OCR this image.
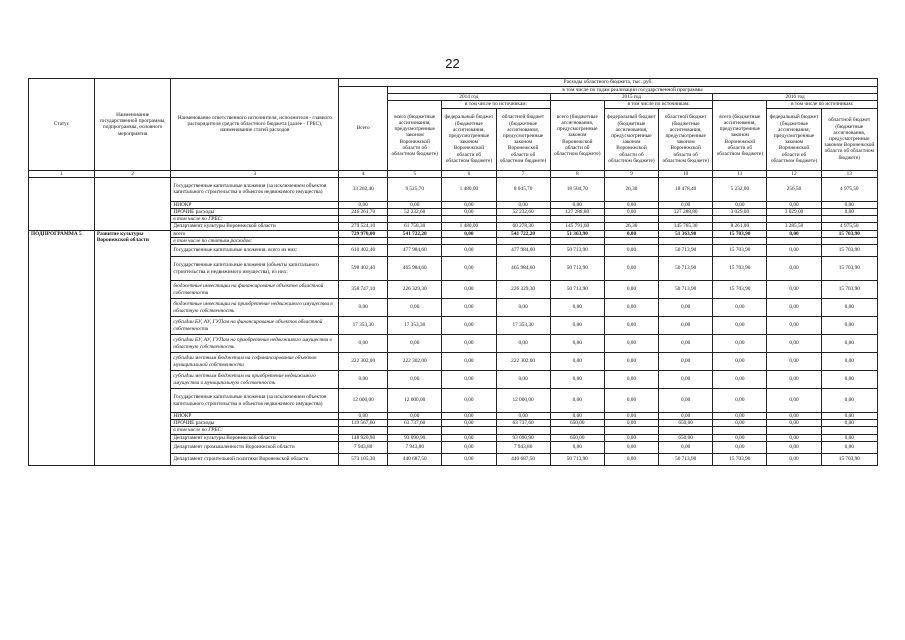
22
Статус	Наименование государственной программы, подпрограммы, основного мероприятия	Наименование ответственного исполнителя, исполнителя - главного распорядителя средств областного бюджета (далее - ГРБС), наименование статей расходов	Расходы областного бюджета, тыс. руб.									
			Всего	в том числе по годам реализации государственной программы								
				2014 год			2015 год			2016 год		
				всего (бюджетные ассигнования, предусмотренные законом Воронежской области об областном бюджете)	в том числе по источникам:		всего (бюджетные ассигнования, предусмотренные законом Воронежской области об областном бюджете)	в том числе по источникам:		всего (бюджетные ассигнования, предусмотренные законом Воронежской области об областном бюджете)	в том числе по источникам:	
					федеральный бюджет (бюджетные ассигнования, предусмотренные законом Воронежской области об областном бюджете)	областной бюджет (бюджетные ассигнования, предусмотренные законом Воронежской области об областном бюджете)		федеральный бюджет (бюджетные ассигнования, предусмотренные законом Воронежской области об областном бюджете)	областной бюджет (бюджетные ассигнования, предусмотренные законом Воронежской области об областном бюджете)		федеральный бюджет (бюджетные ассигнования, предусмотренные законом Воронежской области об областном бюджете)	областной бюджет (бюджетные ассигнования, предусмотренные законом Воронежской области об областном бюджете)
1	2	3	4	5	6	7	8	9	10	11	12	13
		Государственные капитальные вложения (за исключением объектов капитального строительства и объектов недвижимого имущества)	33 262,40	9 525,70	1 480,00	8 045,70	18 504,70	26,30	18 478,40	5 232,00	256,50	4 975,50
		НИОКР	0,00	0,00	0,00	0,00	0,00	0,00	0,00	0,00	0,00	0,00
		ПРОЧИЕ расходы	246 261,70	52 232,60	0,00	52 232,60	127 288,80	0,00	127 288,80	3 029,00	3 029,00	0,00
		в том числе по ГРБС:										
		Департамент культуры Воронежской области	279 524,10	61 758,30	1 480,00	60 278,30	145 791,60	26,30	145 765,30	8 261,00	3 285,50	4 975,50
ПОДПРОГРАММА 5	Развитие культуры Воронежской области	всего	729 970,00	541 722,20	0,00	541 722,20	51 363,90	0,00	51 363,90	15 703,90	0,00	15 703,90
		в том числе по статьям расходов:										
		Государственные капитальные вложения, всего из них:	610 402,40	477 984,60	0,00	477 984,60	50 713,90	0,00	50 713,90	15 703,90	0,00	15 703,90
		Государственные капитальные вложения (объекты капитального строительства и недвижимого имущества), из них:	598 402,40	465 984,60	0,00	465 984,60	50 713,90	0,00	50 713,90	15 703,90	0,00	15 703,90
		бюджетные инвестиции на финансирование объектов областной собственности	358 747,10	226 329,30	0,00	226 329,30	50 713,90	0,00	50 713,90	15 703,90	0,00	15 703,90
		бюджетные инвестиции на приобретение недвижимого имущества в областную собственность	0,00	0,00	0,00	0,00	0,00	0,00	0,00	0,00	0,00	0,00
		субсидии БУ, АУ, ГУПам на финансирование объектов областной собственности	17 353,30	17 353,30	0,00	17 353,30	0,00	0,00	0,00	0,00	0,00	0,00
		субсидии БУ, АУ, ГУПам на приобретение недвижимого имущества в областную собственность	0,00	0,00	0,00	0,00	0,00	0,00	0,00	0,00	0,00	0,00
		субсидии местным бюджетам на софинансирование объектов муниципальной собственности	222 302,00	222 302,00	0,00	222 302,00	0,00	0,00	0,00	0,00	0,00	0,00
		субсидии местным бюджетам на приобретение недвижимого имущества в муниципальную собственность	0,00	0,00	0,00	0,00	0,00	0,00	0,00	0,00	0,00	0,00
		Государственные капитальные вложения (за исключением объектов капитального строительства и объектов недвижимого имущества)	12 000,00	12 000,00	0,00	12 000,00	0,00	0,00	0,00	0,00	0,00	0,00
		НИОКР	0,00	0,00	0,00	0,00	0,00	0,00	0,00	0,00	0,00	0,00
		ПРОЧИЕ расходы	119 567,60	63 737,60	0,00	63 737,60	650,00	0,00	650,00	0,00	0,00	0,00
		в том числе по ГРБС:										
		Департамент культуры Воронежской области	148 920,90	93 090,90	0,00	93 090,90	650,00	0,00	650,00	0,00	0,00	0,00
		Департамент промышленности Воронежской области	7 943,80	7 943,80	0,00	7 943,80	0,00	0,00	0,00	0,00	0,00	0,00
		Департамент строительной политики Воронежской области	573 105,30	440 687,50	0,00	440 687,50	50 713,90	0,00	50 713,90	15 703,90	0,00	15 703,90
